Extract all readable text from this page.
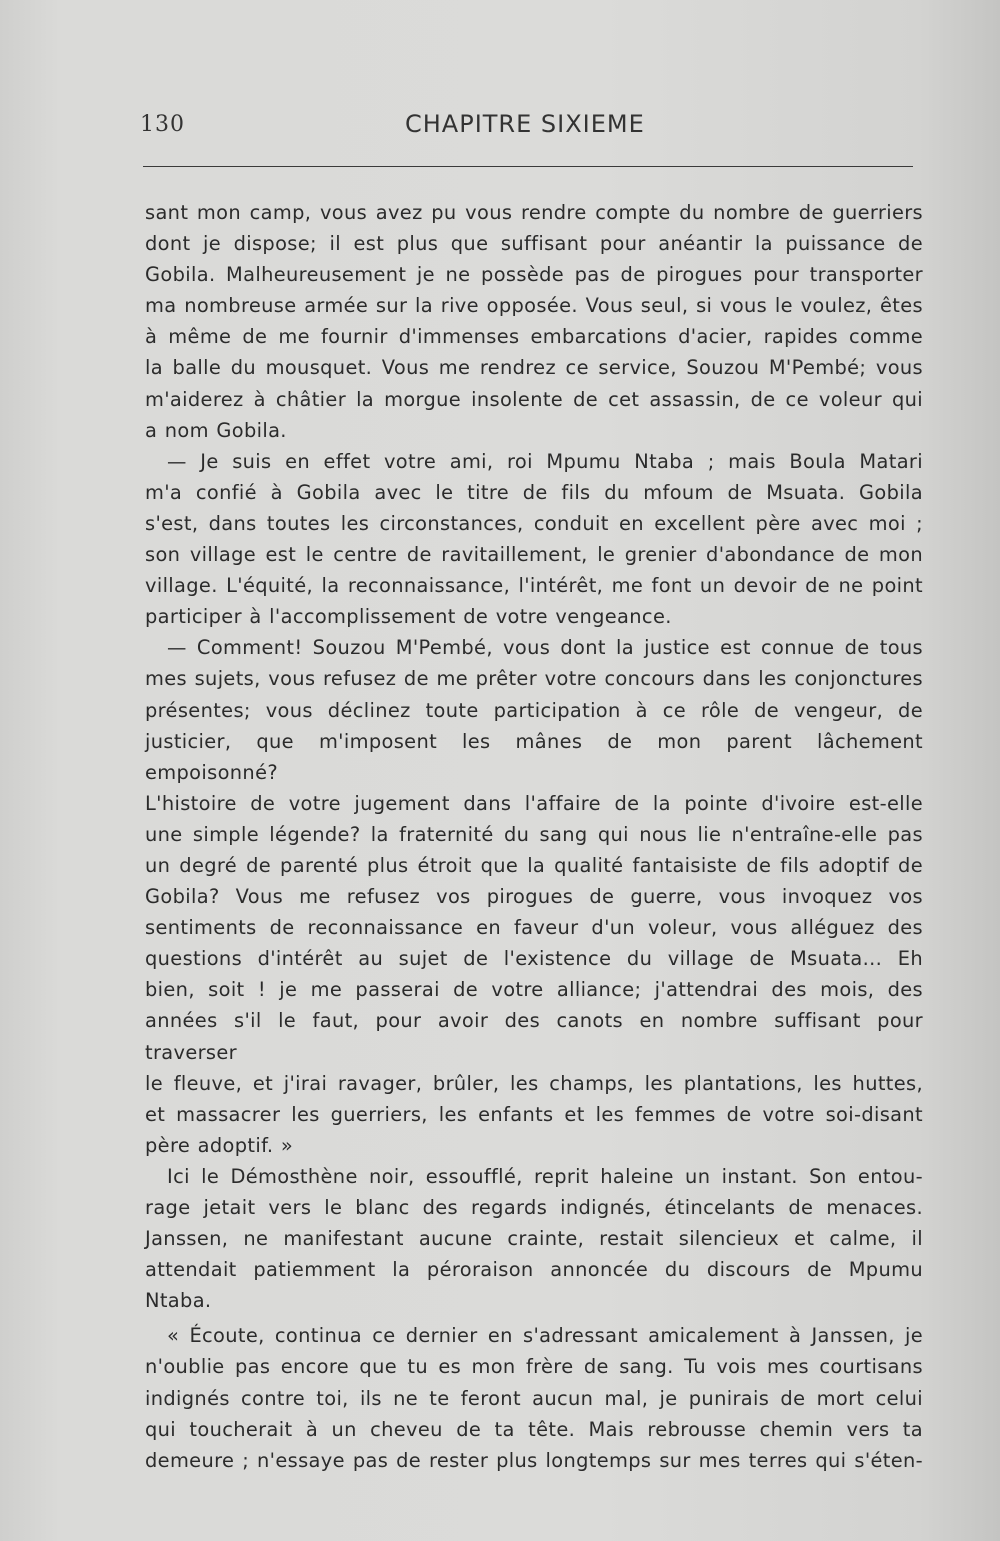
130	CHAPITRE SIXIEME

sant mon camp, vous avez pu vous rendre compte du nombre de guerriers

dont je dispose; il est plus que suffisant pour anéantir la puissance de

Gobila. Malheureusement je ne possède pas de pirogues pour transporter

ma nombreuse armée sur la rive opposée. Vous seul, si vous le voulez, êtes

à même de me fournir d'immenses embarcations d'acier, rapides comme

la balle du mousquet. Vous me rendrez ce service, Souzou M'Pembé; vous

m'aiderez à châtier la morgue insolente de cet assassin, de ce voleur qui

a nom Gobila.

— Je suis en effet votre ami, roi Mpumu Ntaba ; mais Boula Matari

m'a confié à Gobila avec le titre de fils du mfoum de Msuata. Gobila

s'est, dans toutes les circonstances, conduit en excellent père avec moi ;

son village est le centre de ravitaillement, le grenier d'abondance de mon

village. L'équité, la reconnaissance, l'intérêt, me font un devoir de ne point

participer à l'accomplissement de votre vengeance.

— Comment! Souzou M'Pembé, vous dont la justice est connue de tous

mes sujets, vous refusez de me prêter votre concours dans les conjonctures

présentes; vous déclinez toute participation à ce rôle de vengeur, de

justicier, que m'imposent les mânes de mon parent lâchement empoisonné?

L'histoire de votre jugement dans l'affaire de la pointe d'ivoire est-elle

une simple légende? la fraternité du sang qui nous lie n'entraîne-elle pas

un degré de parenté plus étroit que la qualité fantaisiste de fils adoptif de

Gobila? Vous me refusez vos pirogues de guerre, vous invoquez vos

sentiments de reconnaissance en faveur d'un voleur, vous alléguez des

questions d'intérêt au sujet de l'existence du village de Msuata... Eh

bien, soit ! je me passerai de votre alliance; j'attendrai des mois, des

années s'il le faut, pour avoir des canots en nombre suffisant pour traverser

le fleuve, et j'irai ravager, brûler, les champs, les plantations, les huttes,

et massacrer les guerriers, les enfants et les femmes de votre soi-disant

père adoptif. »

Ici le Démosthène noir, essoufflé, reprit haleine un instant. Son entou-

rage jetait vers le blanc des regards indignés, étincelants de menaces.

Janssen, ne manifestant aucune crainte, restait silencieux et calme, il

attendait patiemment la péroraison annoncée du discours de Mpumu

Ntaba.

« Écoute, continua ce dernier en s'adressant amicalement à Janssen, je

n'oublie pas encore que tu es mon frère de sang. Tu vois mes courtisans

indignés contre toi, ils ne te feront aucun mal, je punirais de mort celui

qui toucherait à un cheveu de ta tête. Mais rebrousse chemin vers ta

demeure ; n'essaye pas de rester plus longtemps sur mes terres qui s'éten-
